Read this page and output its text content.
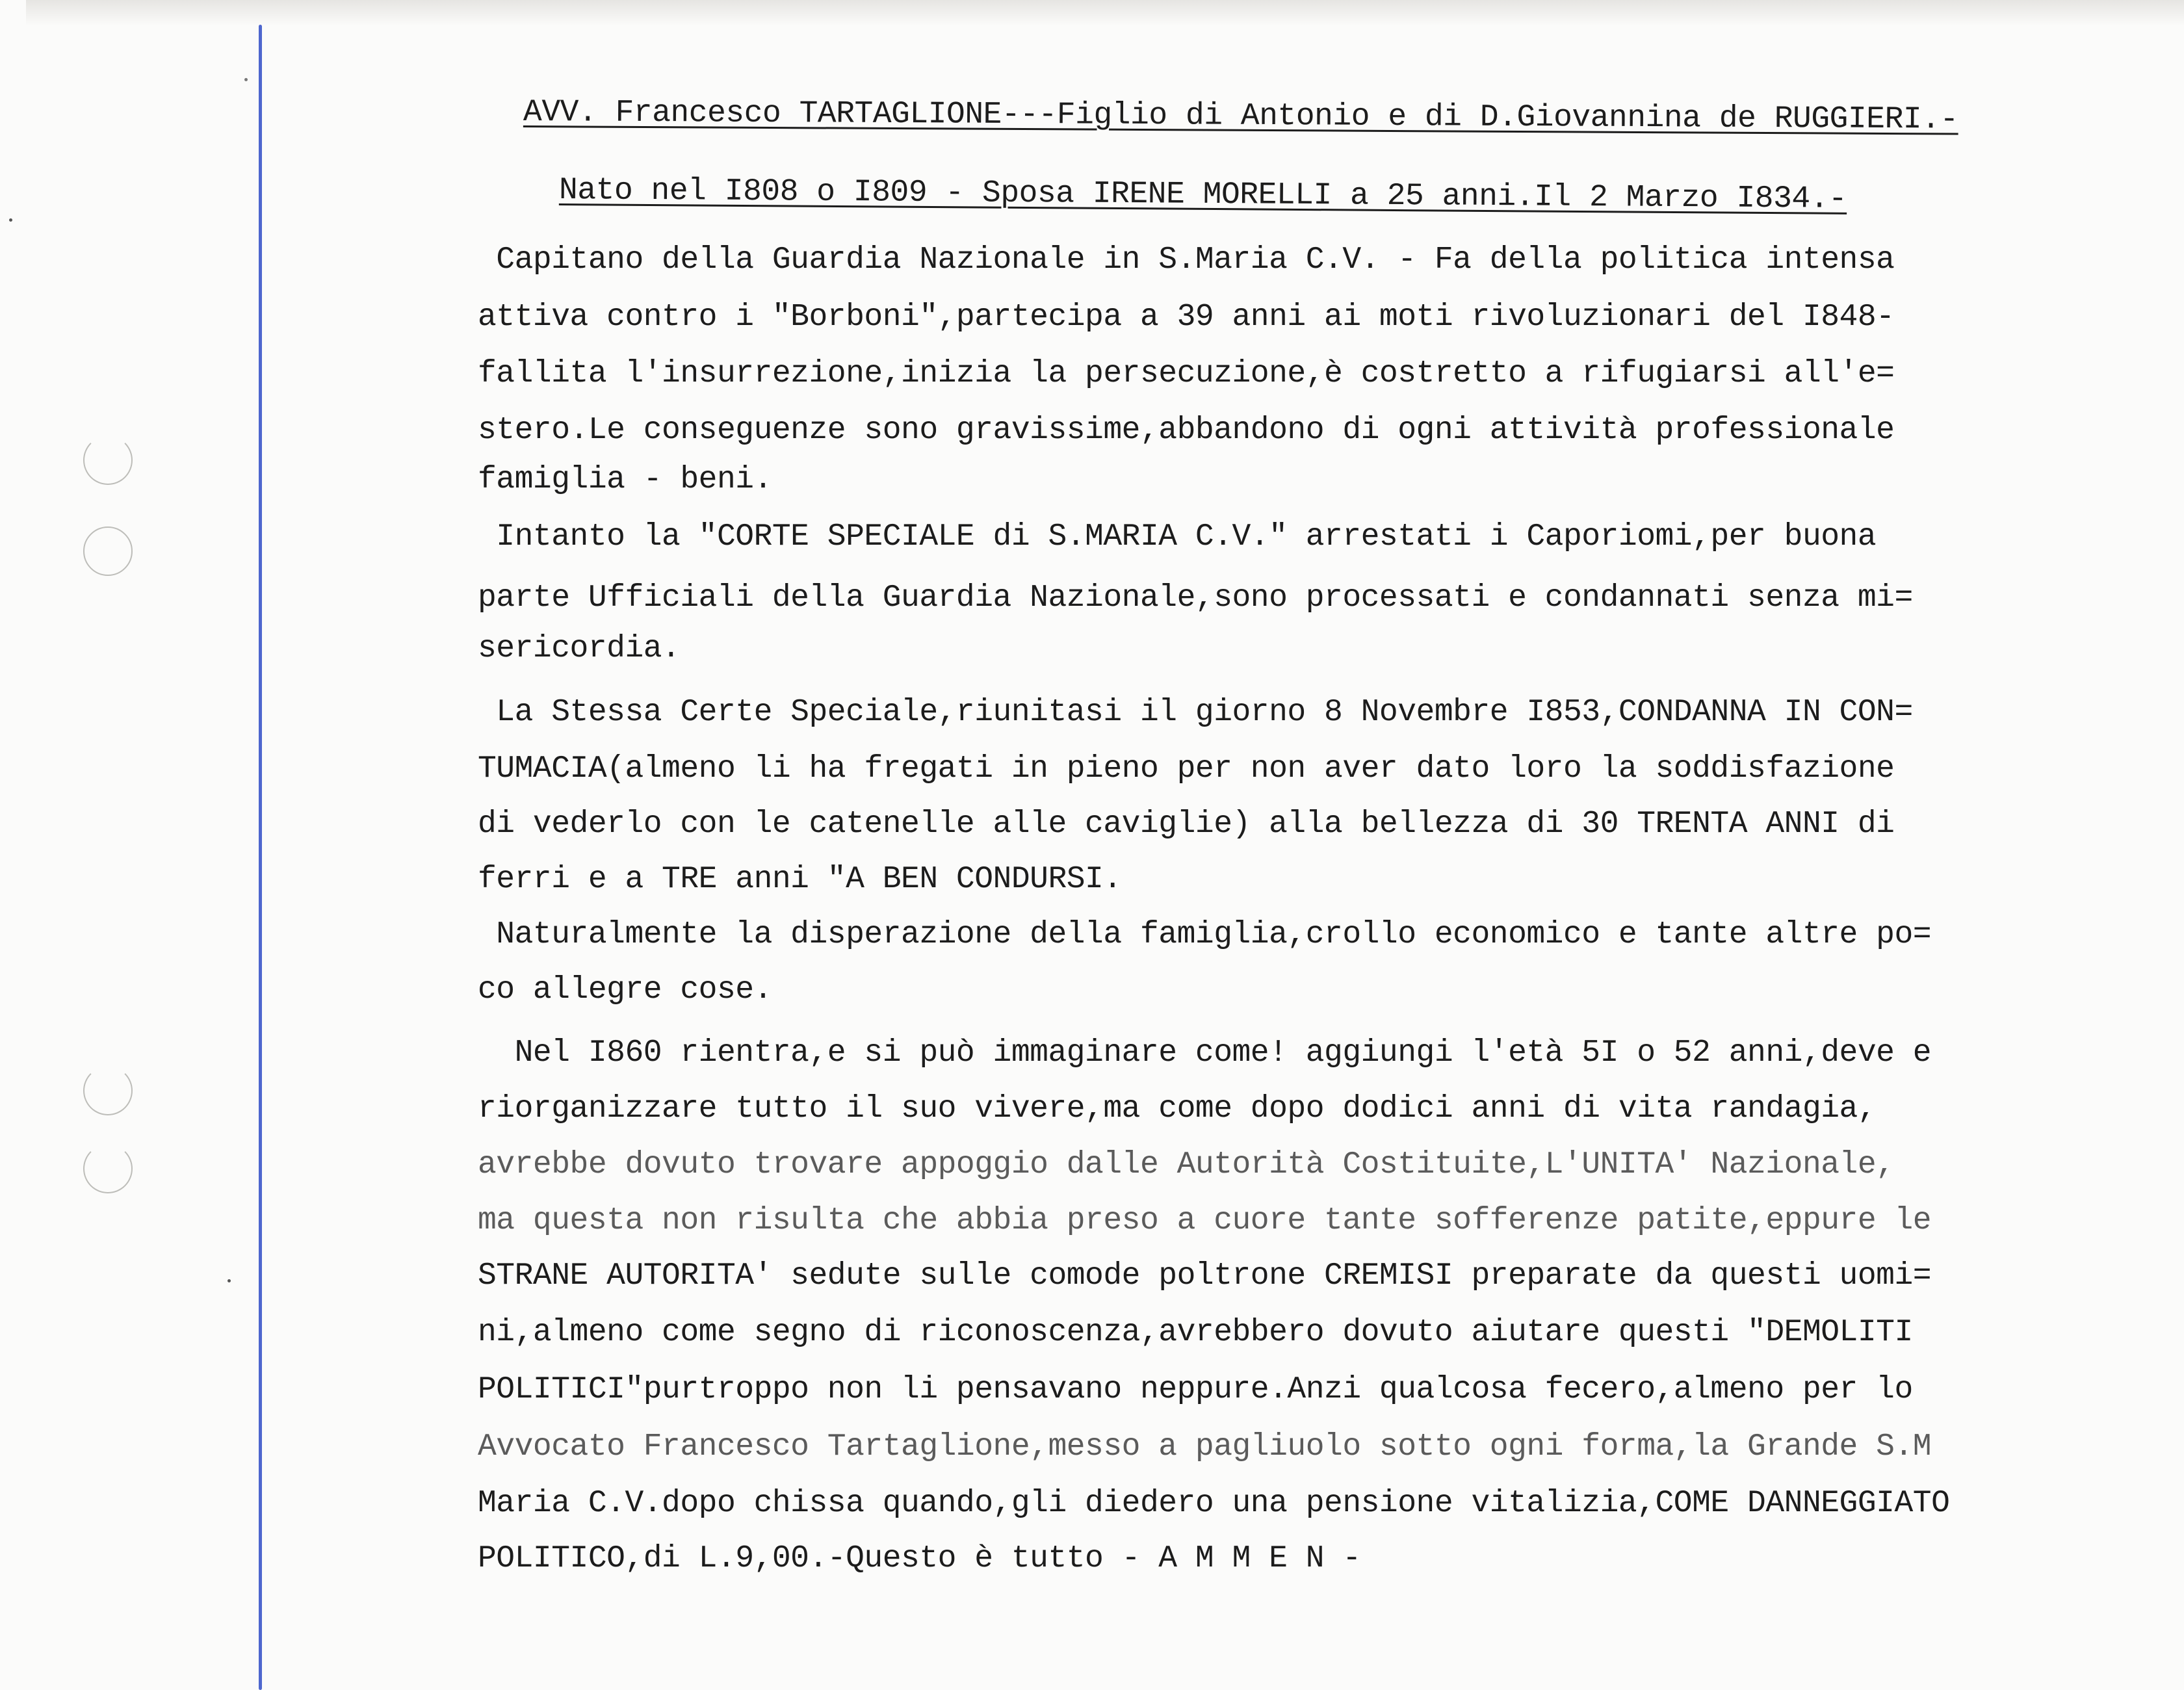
AVV. Francesco TARTAGLIONE---Figlio di Antonio e di D.Giovannina de RUGGIERI.-
Nato nel I808 o I809 - Sposa IRENE MORELLI a 25 anni.Il 2 Marzo I834.-
Capitano della Guardia Nazionale in S.Maria C.V. - Fa della politica intensa
attiva contro i "Borboni",partecipa a 39 anni ai moti rivoluzionari del I848-
fallita l'insurrezione,inizia la persecuzione,è costretto a rifugiarsi all'e=
stero.Le conseguenze sono gravissime,abbandono di ogni attività professionale
famiglia - beni.
Intanto la "CORTE SPECIALE di S.MARIA C.V." arrestati i Caporiomi,per buona
parte Ufficiali della Guardia Nazionale,sono processati e condannati senza mi=
sericordia.
La Stessa Certe Speciale,riunitasi il giorno 8 Novembre I853,CONDANNA IN CON=
TUMACIA(almeno li ha fregati in pieno per non aver dato loro la soddisfazione
di vederlo con le catenelle alle caviglie) alla bellezza di 30 TRENTA ANNI di
ferri e a TRE anni "A BEN CONDURSI.
Naturalmente la disperazione della famiglia,crollo economico e tante altre po=
co allegre cose.
Nel I860 rientra,e si può immaginare come! aggiungi l'età 5I o 52 anni,deve e
riorganizzare tutto il suo vivere,ma come dopo dodici anni di vita randagia,
avrebbe dovuto trovare appoggio dalle Autorità Costituite,L'UNITA' Nazionale,
ma questa non risulta che abbia preso a cuore tante sofferenze patite,eppure le
STRANE AUTORITA' sedute sulle comode poltrone CREMISI preparate da questi uomi=
ni,almeno come segno di riconoscenza,avrebbero dovuto aiutare questi "DEMOLITI
POLITICI"purtroppo non li pensavano neppure.Anzi qualcosa fecero,almeno per lo
Avvocato Francesco Tartaglione,messo a pagliuolo sotto ogni forma,la Grande S.M
Maria C.V.dopo chissa quando,gli diedero una pensione vitalizia,COME DANNEGGIATO
POLITICO,di L.9,00.-Questo è tutto - A M M E N -
